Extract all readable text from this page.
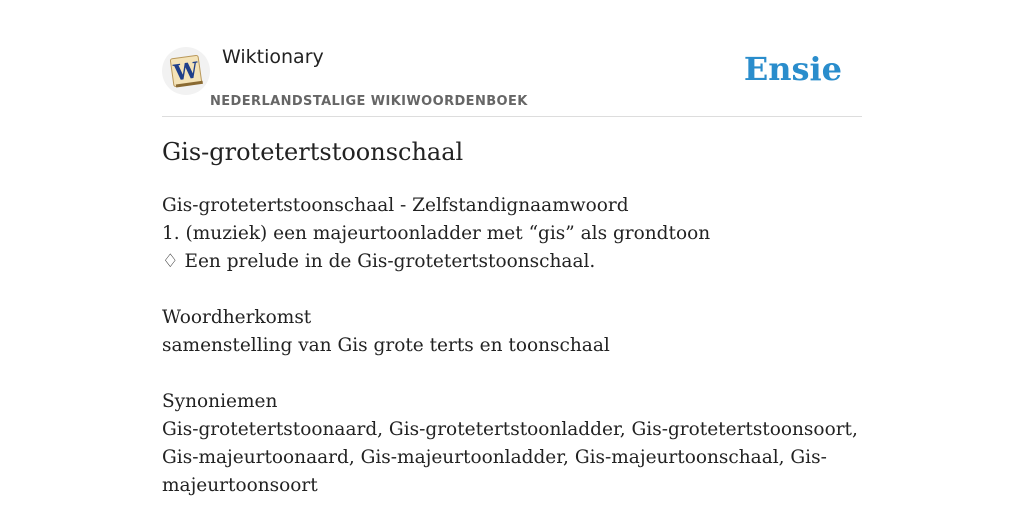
W
Wiktionary
NEDERLANDSTALIGE WIKIWOORDENBOEK
Ensie
Gis-grotetertstoonschaal
Gis-grotetertstoonschaal - Zelfstandignaamwoord
1. (muziek) een majeurtoonladder met “gis” als grondtoon
♢ Een prelude in de Gis-grotetertstoonschaal.
Woordherkomst
samenstelling van Gis grote terts en toonschaal
Synoniemen
Gis-grotetertstoonaard, Gis-grotetertstoonladder, Gis-grotetertstoonsoort, Gis-majeurtoonaard, Gis-majeurtoonladder, Gis-majeurtoonschaal, Gis-majeurtoonsoort
